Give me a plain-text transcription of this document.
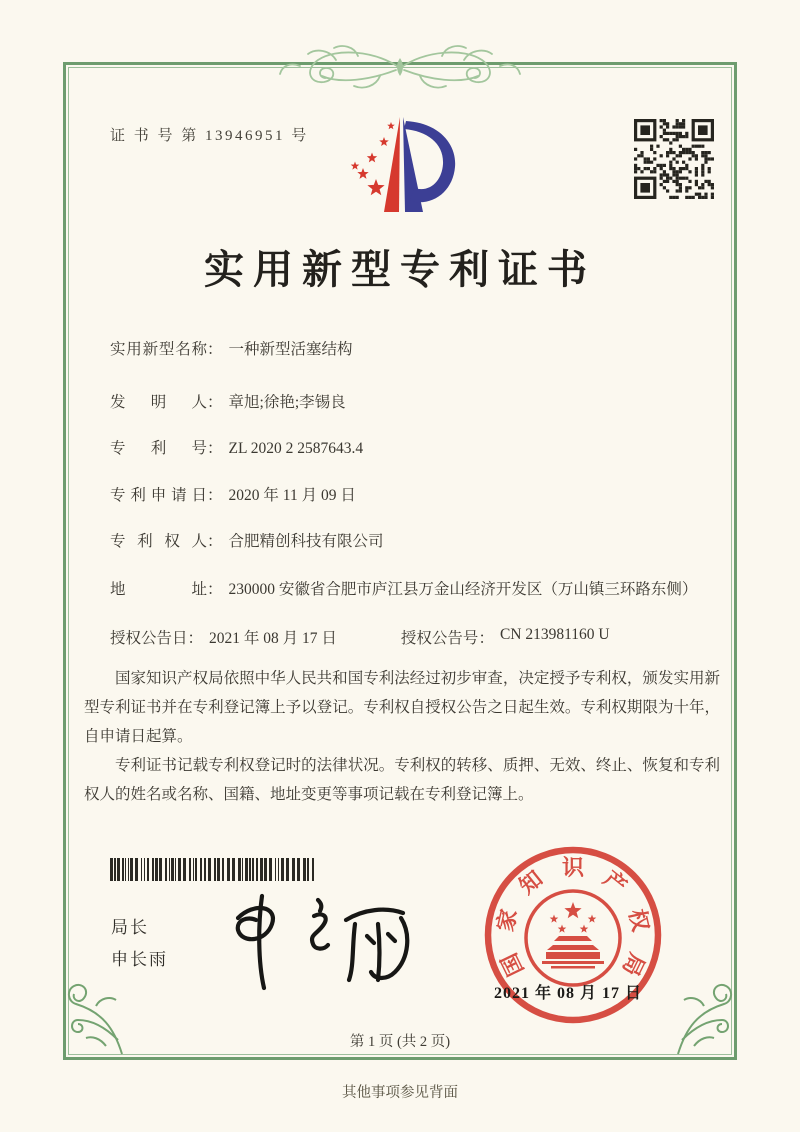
证 书 号 第 13946951 号
实用新型专利证书
实用新型名称 ： 一种新型活塞结构
发明人 ： 章旭;徐艳;李锡良
专利号 ： ZL 2020 2 2587643.4
专利申请日 ： 2020 年 11 月 09 日
专利权人 ： 合肥精创科技有限公司
地址 ： 230000 安徽省合肥市庐江县万金山经济开发区（万山镇三环路东侧）
授权公告日 ： 2021 年 08 月 17 日	授权公告号 ： CN 213981160 U

国家知识产权局依照中华人民共和国专利法经过初步审查，决定授予专利权，颁发实用新型专利证书并在专利登记簿上予以登记。专利权自授权公告之日起生效。专利权期限为十年，自申请日起算。

专利证书记载专利权登记时的法律状况。专利权的转移、质押、无效、终止、恢复和专利权人的姓名或名称、国籍、地址变更等事项记载在专利登记簿上。

局长
申长雨	国
家
知 识 产
权
局
2021 年 08 月 17 日
第 1 页 (共 2 页)
其他事项参见背面
